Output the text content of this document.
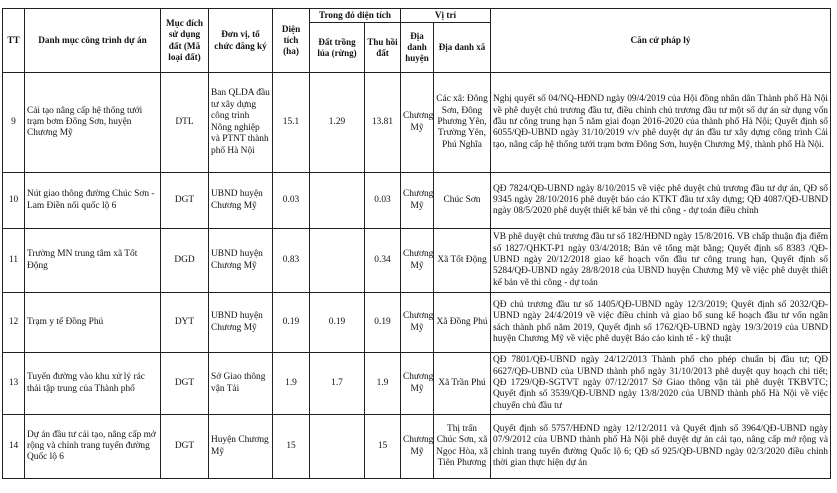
TT	Danh mục công trình dự án	Mục đích sử dụng đất (Mã loại đất)	Đơn vị, tổ chức đăng ký	Diện tích (ha)	Trong đó diện tích		Vị trí		Căn cứ pháp lý
					Đất trồng lúa (rừng)	Thu hồi đất	Địa danh huyện	Địa danh xã	
9	Cải tạo nâng cấp hệ thống tưới trạm bơm Đông Sơn, huyện Chương Mỹ	DTL	Ban QLDA đầu tư xây dựng công trình Nông nghiệp và PTNT thành phố Hà Nội	15.1	1.29	13.81	Chương Mỹ	Các xã: Đông Sơn, Đông Phương Yên, Trường Yên, Phú Nghĩa	Nghị quyết số 04/NQ-HĐND ngày 09/4/2019 của Hội đồng nhân dân Thành phố Hà Nội về phê duyệt chủ trương đầu tư, điều chỉnh chủ trương đầu tư một số dự án sử dụng vốn đầu tư công trung hạn 5 năm giai đoạn 2016-2020 của thành phố Hà Nội; Quyết định số 6055/QĐ-UBND ngày 31/10/2019 v/v phê duyệt dự án đầu tư xây dựng công trình Cải tạo, nâng cấp hệ thống tưới trạm bơm Đông Sơn, huyện Chương Mỹ, thành phố Hà Nội.
10	Nút giao thông đường Chúc Sơn - Lam Điền nối quốc lộ 6	DGT	UBND huyện Chương Mỹ	0.03		0.03	Chương Mỹ	Chúc Sơn	QĐ 7824/QĐ-UBND ngày 8/10/2015 về việc phê duyệt chủ trương đầu tư dự án, QĐ số 9345 ngày 28/10/2016 phê duyệt báo cáo KTKT đầu tư xây dựng; QĐ 4087/QĐ-UBND ngày 08/5/2020 phê duyệt thiết kế bản vẽ thi công - dự toán điều chỉnh
11	Trường MN trung tâm xã Tốt Động	DGD	UBND huyện Chương Mỹ	0.83		0.34	Chương Mỹ	Xã Tốt Động	VB phê duyệt chủ trương đầu tư số 182/HĐND ngày 15/8/2016. VB chấp thuận địa điểm số 1827/QHKT-P1 ngày 03/4/2018; Bản vẽ tổng mặt bằng; Quyết định số 8383 /QĐ-UBND ngày 20/12/2018 giao kế hoạch vốn đầu tư công trung hạn, Quyết định số 5284/QĐ-UBND ngày 28/8/2018 của UBND huyện Chương Mỹ về việc phê duyệt thiết kế bản vẽ thi công - dự toán
12	Trạm y tế Đồng Phú	DYT	UBND huyện Chương Mỹ	0.19	0.19	0.19	Chương Mỹ	Xã Đồng Phú	QĐ chủ trương đầu tư số 1405/QĐ-UBND ngày 12/3/2019; Quyết định số 2032/QĐ-UBND ngày 24/4/2019 về việc điều chỉnh và giao bổ sung kế hoạch đầu tư vốn ngân sách thành phố năm 2019, Quyết định số 1762/QĐ-UBND ngày 19/3/2019 của UBND huyện Chương Mỹ về việc phê duyệt Báo cáo kinh tế - kỹ thuật
13	Tuyến đường vào khu xử lý rác thải tập trung của Thành phố	DGT	Sở Giao thông vận Tải	1.9	1.7	1.9	Chương Mỹ	Xã Trần Phú	QĐ 7801/QĐ-UBND ngày 24/12/2013 Thành phố cho phép chuẩn bị đầu tư; QĐ 6627/QĐ-UBND của UBND thành phố ngày 31/10/2013 phê duyệt quy hoạch chi tiết; QĐ 1729/QĐ-SGTVT ngày 07/12/2017 Sở Giao thông vận tải phê duyệt TKBVTC; Quyết định số 3539/QĐ-UBND ngày 13/8/2020 của UBND thành phố Hà Nội về việc chuyển chủ đầu tư
14	Dự án đầu tư cải tạo, nâng cấp mở rộng và chỉnh trang tuyến đường Quốc lộ 6	DGT	Huyện Chương Mỹ	15		15	Chương Mỹ	Thị trấn Chúc Sơn, xã Ngọc Hòa, xã Tiên Phương	Quyết định số 5757/HĐND ngày 12/12/2011 và Quyết định số 3964/QĐ-UBND ngày 07/9/2012 của UBND thành phố Hà Nội phê duyệt dự án cải tạo, nâng cấp mở rộng và chỉnh trang tuyến đường Quốc lộ 6; QĐ số 925/QĐ-UBND ngày 02/3/2020 điều chỉnh thời gian thực hiện dự án
